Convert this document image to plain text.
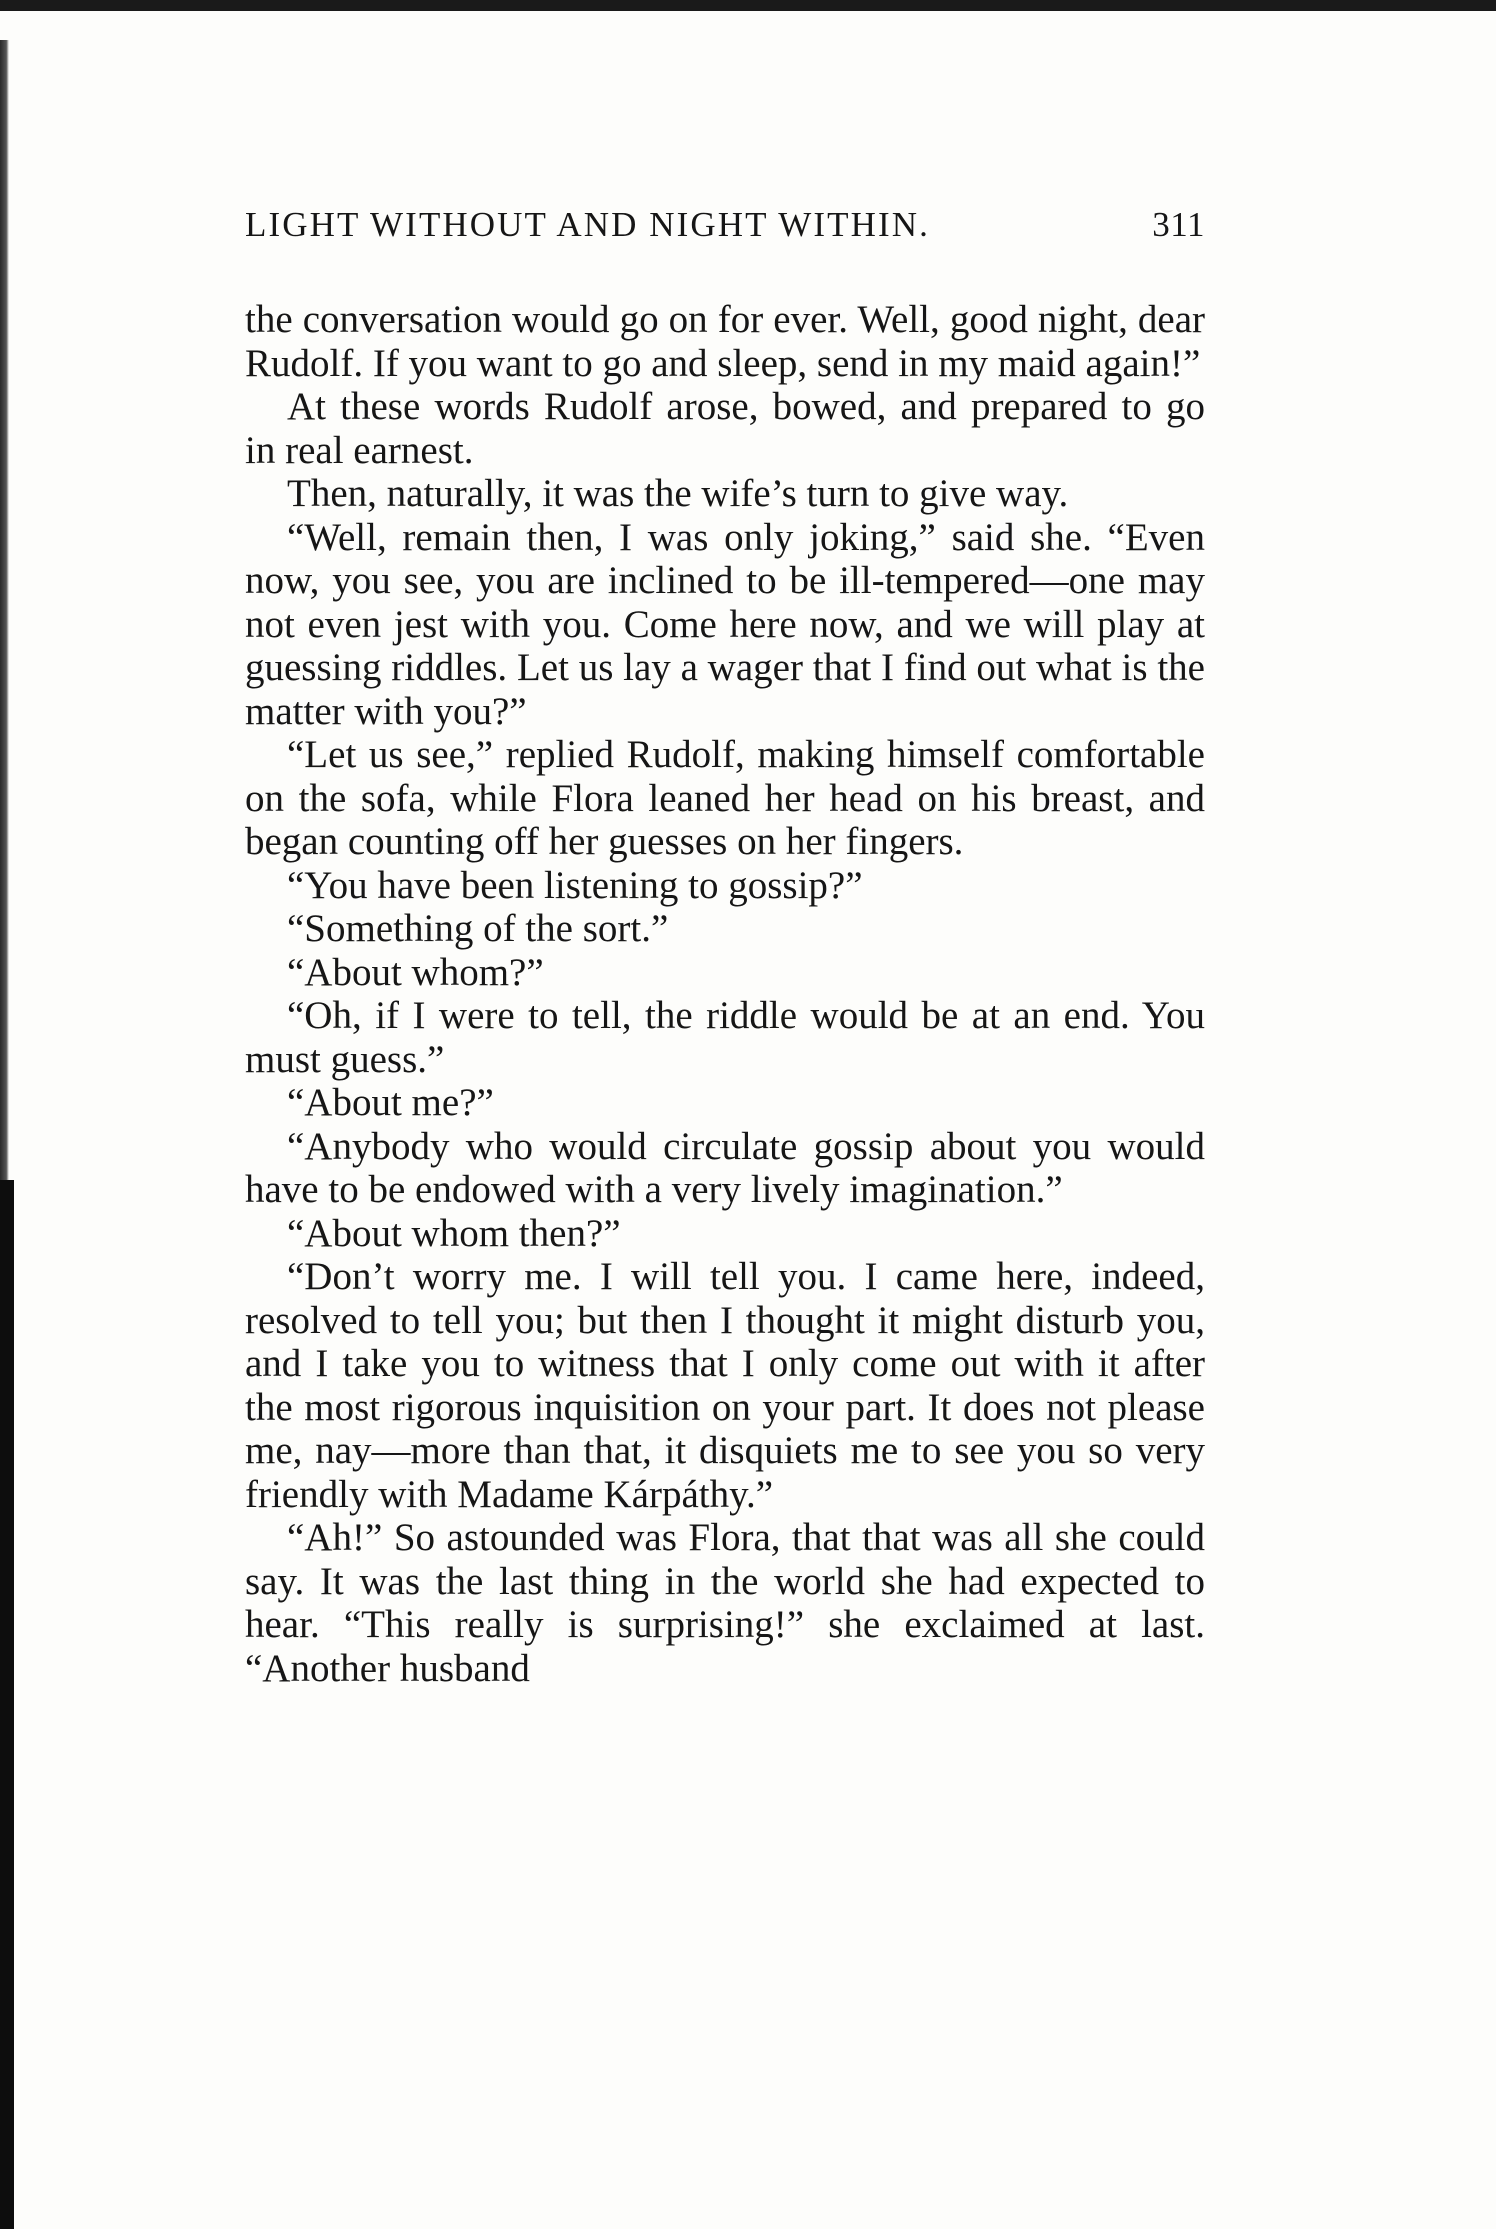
LIGHT WITHOUT AND NIGHT WITHIN.	311

the conversation would go on for ever. Well, good night, dear Rudolf. If you want to go and sleep, send in my maid again!”

At these words Rudolf arose, bowed, and prepared to go in real earnest.

Then, naturally, it was the wife’s turn to give way.

“Well, remain then, I was only joking,” said she. “Even now, you see, you are inclined to be ill-tempered—one may not even jest with you. Come here now, and we will play at guessing riddles. Let us lay a wager that I find out what is the matter with you?”

“Let us see,” replied Rudolf, making himself comfortable on the sofa, while Flora leaned her head on his breast, and began counting off her guesses on her fingers.

“You have been listening to gossip?”

“Something of the sort.”

“About whom?”

“Oh, if I were to tell, the riddle would be at an end. You must guess.”

“About me?”

“Anybody who would circulate gossip about you would have to be endowed with a very lively imagination.”

“About whom then?”

“Don’t worry me. I will tell you. I came here, indeed, resolved to tell you; but then I thought it might disturb you, and I take you to witness that I only come out with it after the most rigorous inquisition on your part. It does not please me, nay—more than that, it disquiets me to see you so very friendly with Madame Kárpáthy.”

“Ah!” So astounded was Flora, that that was all she could say. It was the last thing in the world she had expected to hear. “This really is surprising!” she exclaimed at last. “Another husband
